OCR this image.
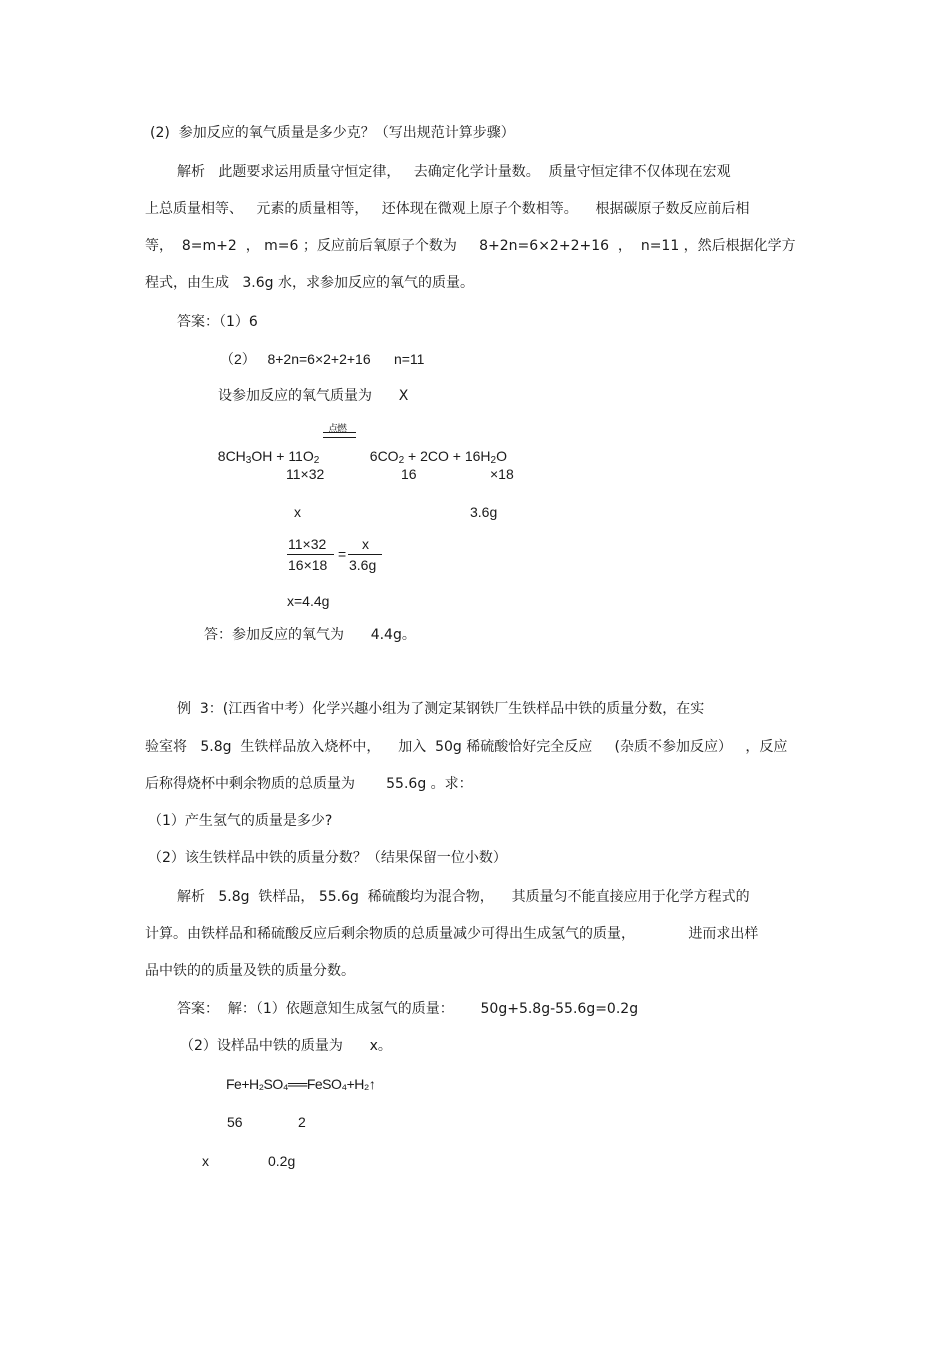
(2)  参加反应的氧气质量是多少克？（写出规范计算步骤）
解析   此题要求运用质量守恒定律，   去确定化学计量数。  质量守恒定律不仅体现在宏观
上总质量相等、   元素的质量相等，   还体现在微观上原子个数相等。    根据碳原子数反应前后相
等，  8=m+2  ， m=6 ；反应前后氧原子个数为     8+2n=6×2+2+16  ，  n=11 ，然后根据化学方
程式，由生成   3.6g 水，求参加反应的氧气的质量。
答案：（1）6
（2）   8+2n=6×2+2+16      n=11
设参加反应的氧气质量为      X

$8CH_3OH + 11O_2$

点燃

$6CO_2 + 2CO + 16H_2O$

11×32	16	×18
x	3.6g
11×32
16×18
=
x
3.6g
x=4.4g
答：参加反应的氧气为      4.4g。
例  3：(江西省中考）化学兴趣小组为了测定某钢铁厂生铁样品中铁的质量分数，在实
验室将   5.8g  生铁样品放入烧杯中，    加入  50g 稀硫酸恰好完全反应     (杂质不参加反应）   ，反应
后称得烧杯中剩余物质的总质量为       55.6g 。求：
（1）产生氢气的质量是多少?
（2）该生铁样品中铁的质量分数？（结果保留一位小数）
解析   5.8g  铁样品， 55.6g  稀硫酸均为混合物，    其质量匀不能直接应用于化学方程式的
计算。由铁样品和稀硫酸反应后剩余物质的总质量减少可得出生成氢气的质量，            进而求出样
品中铁的的质量及铁的质量分数。
答案：  解：（1）依题意知生成氢气的质量：      50g+5.8g-55.6g=0.2g
（2）设样品中铁的质量为      x。
Fe+H₂SO₄══FeSO₄+H₂↑
56	2
x	0.2g
